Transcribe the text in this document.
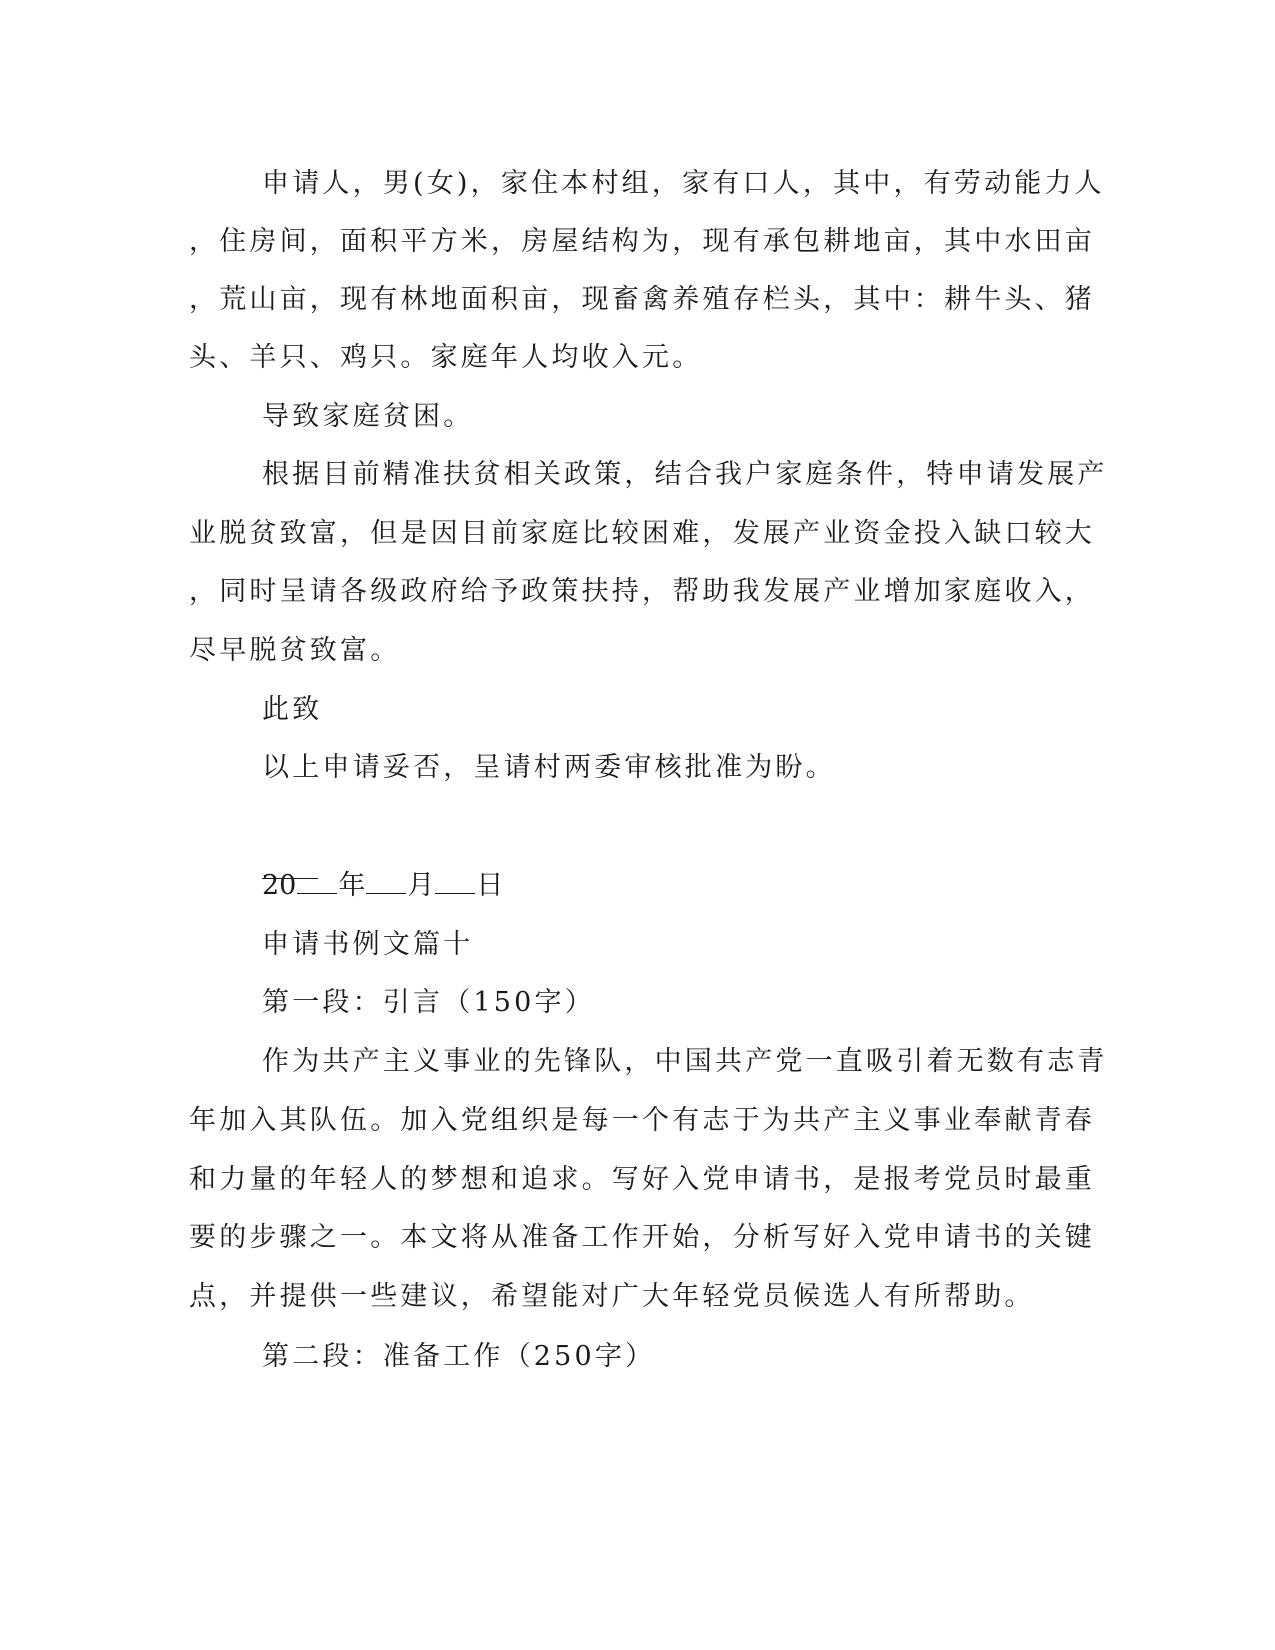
申请人，男(女)，家住本村组，家有口人，其中，有劳动能力人

，住房间，面积平方米，房屋结构为，现有承包耕地亩，其中水田亩

，荒山亩，现有林地面积亩，现畜禽养殖存栏头，其中：耕牛头、猪

头、羊只、鸡只。家庭年人均收入元。

导致家庭贫困。

根据目前精准扶贫相关政策，结合我户家庭条件，特申请发展产

业脱贫致富，但是因目前家庭比较困难，发展产业资金投入缺口较大

，同时呈请各级政府给予政策扶持，帮助我发展产业增加家庭收入，

尽早脱贫致富。

此致

以上申请妥否，呈请村两委审核批准为盼。

20 年 月 日

申请书例文篇十

第一段：引言（150字）

作为共产主义事业的先锋队，中国共产党一直吸引着无数有志青

年加入其队伍。加入党组织是每一个有志于为共产主义事业奉献青春

和力量的年轻人的梦想和追求。写好入党申请书，是报考党员时最重

要的步骤之一。本文将从准备工作开始，分析写好入党申请书的关键

点，并提供一些建议，希望能对广大年轻党员候选人有所帮助。

第二段：准备工作（250字）
